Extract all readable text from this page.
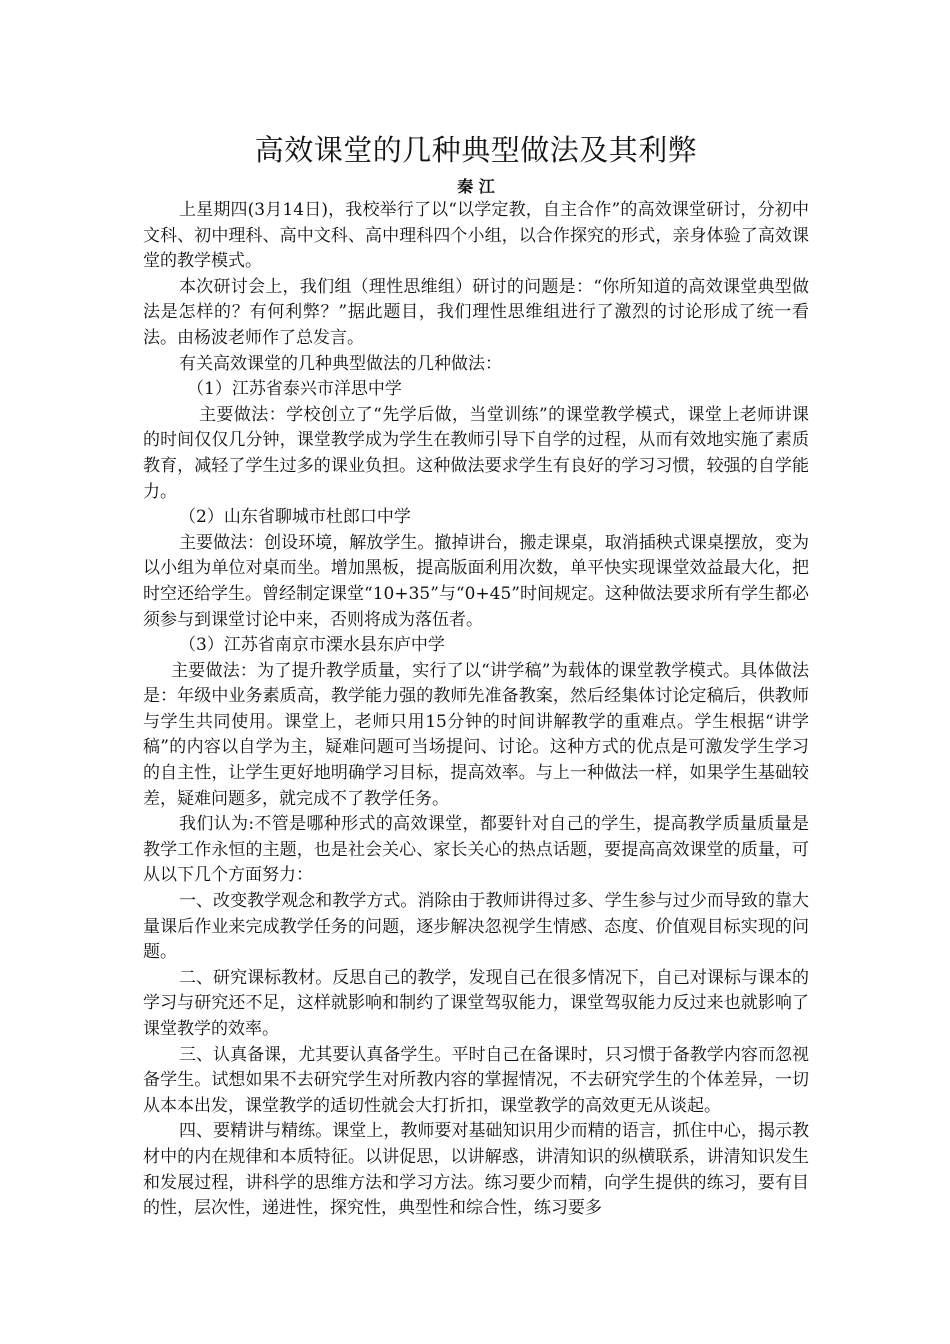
高效课堂的几种典型做法及其利弊
秦 江

上星期四(3月14日)，我校举行了以“以学定教，自主合作”的高效课堂研讨，分初中文科、初中理科、高中文科、高中理科四个小组，以合作探究的形式，亲身体验了高效课堂的教学模式。

本次研讨会上，我们组（理性思维组）研讨的问题是：“你所知道的高效课堂典型做法是怎样的？有何利弊？”据此题目，我们理性思维组进行了激烈的讨论形成了统一看法。由杨波老师作了总发言。

有关高效课堂的几种典型做法的几种做法：

（1）江苏省泰兴市洋思中学

主要做法：学校创立了“先学后做，当堂训练”的课堂教学模式，课堂上老师讲课的时间仅仅几分钟，课堂教学成为学生在教师引导下自学的过程，从而有效地实施了素质教育，减轻了学生过多的课业负担。这种做法要求学生有良好的学习习惯，较强的自学能力。

（2）山东省聊城市杜郎口中学

主要做法：创设环境，解放学生。撤掉讲台，搬走课桌，取消插秧式课桌摆放，变为以小组为单位对桌而坐。增加黑板，提高版面利用次数，单平快实现课堂效益最大化，把时空还给学生。曾经制定课堂“10+35”与“0+45”时间规定。这种做法要求所有学生都必须参与到课堂讨论中来，否则将成为落伍者。

（3）江苏省南京市溧水县东庐中学

主要做法：为了提升教学质量，实行了以“讲学稿”为载体的课堂教学模式。具体做法是：年级中业务素质高，教学能力强的教师先准备教案，然后经集体讨论定稿后，供教师与学生共同使用。课堂上，老师只用15分钟的时间讲解教学的重难点。学生根据“讲学稿”的内容以自学为主，疑难问题可当场提问、讨论。这种方式的优点是可激发学生学习的自主性，让学生更好地明确学习目标，提高效率。与上一种做法一样，如果学生基础较差，疑难问题多，就完成不了教学任务。

我们认为:不管是哪种形式的高效课堂，都要针对自己的学生，提高教学质量质量是教学工作永恒的主题，也是社会关心、家长关心的热点话题，要提高高效课堂的质量，可从以下几个方面努力：

一、改变教学观念和教学方式。消除由于教师讲得过多、学生参与过少而导致的靠大量课后作业来完成教学任务的问题，逐步解决忽视学生情感、态度、价值观目标实现的问题。

二、研究课标教材。反思自己的教学，发现自己在很多情况下，自己对课标与课本的学习与研究还不足，这样就影响和制约了课堂驾驭能力，课堂驾驭能力反过来也就影响了课堂教学的效率。

三、认真备课，尤其要认真备学生。平时自己在备课时，只习惯于备教学内容而忽视备学生。试想如果不去研究学生对所教内容的掌握情况，不去研究学生的个体差异，一切从本本出发，课堂教学的适切性就会大打折扣，课堂教学的高效更无从谈起。

四、要精讲与精练。课堂上，教师要对基础知识用少而精的语言，抓住中心，揭示教材中的内在规律和本质特征。以讲促思，以讲解惑，讲清知识的纵横联系，讲清知识发生和发展过程，讲科学的思维方法和学习方法。练习要少而精，向学生提供的练习，要有目的性，层次性，递进性，探究性，典型性和综合性，练习要多
